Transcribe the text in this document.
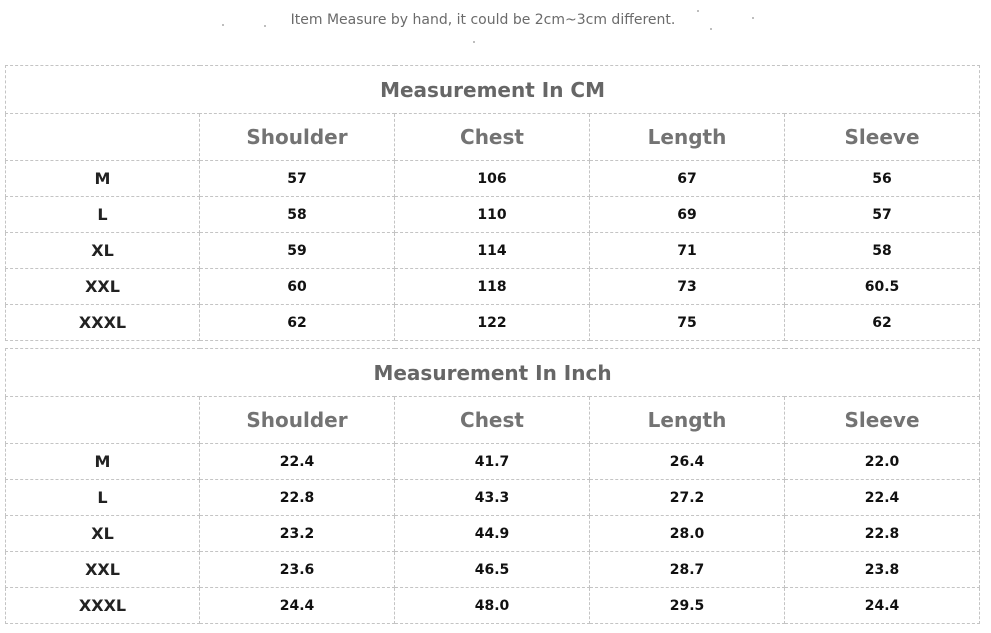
Item Measure by hand, it could be 2cm~3cm different.
Measurement In CM				
	Shoulder	Chest	Length	Sleeve
M	57	106	67	56
L	58	110	69	57
XL	59	114	71	58
XXL	60	118	73	60.5
XXXL	62	122	75	62
Measurement In Inch				
	Shoulder	Chest	Length	Sleeve
M	22.4	41.7	26.4	22.0
L	22.8	43.3	27.2	22.4
XL	23.2	44.9	28.0	22.8
XXL	23.6	46.5	28.7	23.8
XXXL	24.4	48.0	29.5	24.4
